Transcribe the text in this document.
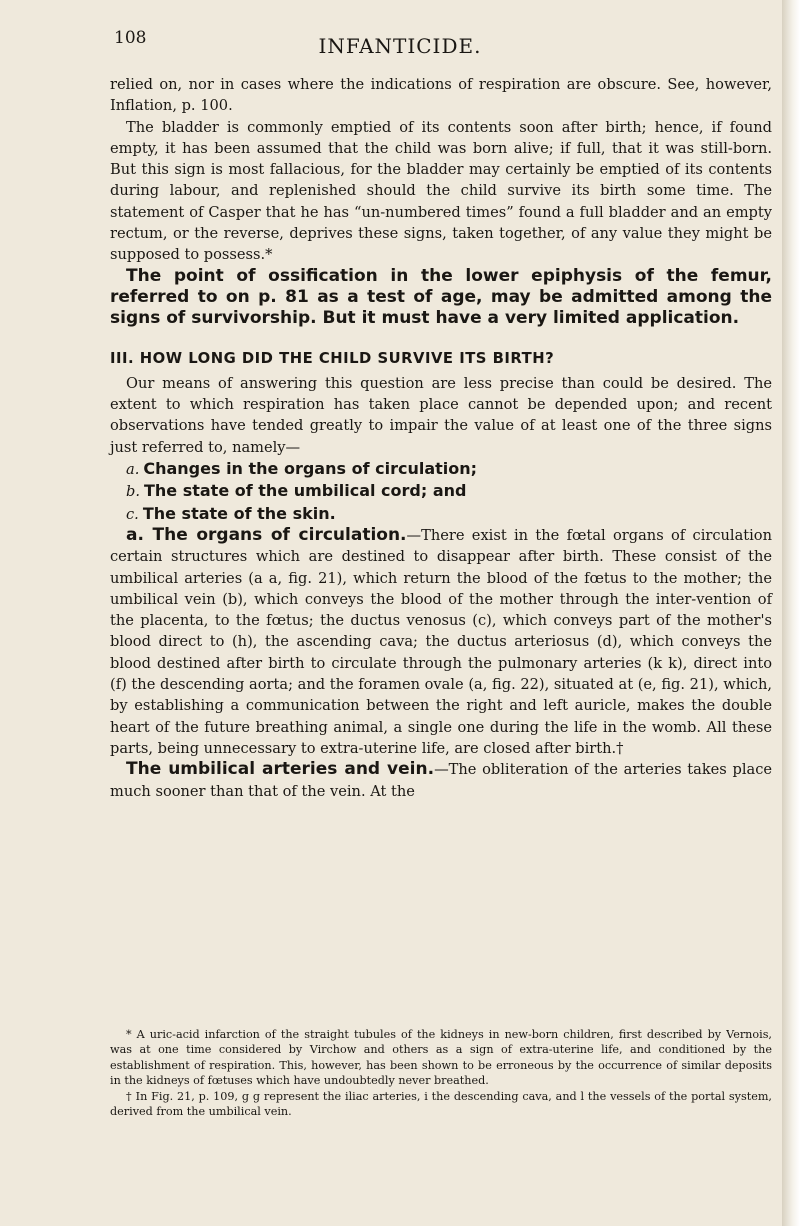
108	INFANTICIDE.

relied on, nor in cases where the indications of respiration are obscure. See, however, Inflation, p. 100.

The bladder is commonly emptied of its contents soon after birth; hence, if found empty, it has been assumed that the child was born alive; if full, that it was still-born. But this sign is most fallacious, for the bladder may certainly be emptied of its contents during labour, and replenished should the child survive its birth some time. The statement of Casper that he has “un-numbered times” found a full bladder and an empty rectum, or the reverse, deprives these signs, taken together, of any value they might be supposed to possess.*

The point of ossification in the lower epiphysis of the femur, referred to on p. 81 as a test of age, may be admitted among the signs of survivorship. But it must have a very limited application.

III. HOW LONG DID THE CHILD SURVIVE ITS BIRTH?

Our means of answering this question are less precise than could be desired. The extent to which respiration has taken place cannot be depended upon; and recent observations have tended greatly to impair the value of at least one of the three signs just referred to, namely—

a. Changes in the organs of circulation;
b. The state of the umbilical cord; and
c. The state of the skin.

a. The organs of circulation.—There exist in the fœtal organs of circulation certain structures which are destined to disappear after birth. These consist of the umbilical arteries (a a, fig. 21), which return the blood of the fœtus to the mother; the umbilical vein (b), which conveys the blood of the mother through the inter-vention of the placenta, to the fœtus; the ductus venosus (c), which conveys part of the mother's blood direct to (h), the ascending cava; the ductus arteriosus (d), which conveys the blood destined after birth to circulate through the pulmonary arteries (k k), direct into (f) the descending aorta; and the foramen ovale (a, fig. 22), situated at (e, fig. 21), which, by establishing a communication between the right and left auricle, makes the double heart of the future breathing animal, a single one during the life in the womb. All these parts, being unnecessary to extra-uterine life, are closed after birth.†

The umbilical arteries and vein.—The obliteration of the arteries takes place much sooner than that of the vein. At the

* A uric-acid infarction of the straight tubules of the kidneys in new-born children, first described by Vernois, was at one time considered by Virchow and others as a sign of extra-uterine life, and conditioned by the establishment of respiration. This, however, has been shown to be erroneous by the occurrence of similar deposits in the kidneys of fœtuses which have undoubtedly never breathed.

† In Fig. 21, p. 109, g g represent the iliac arteries, i the descending cava, and l the vessels of the portal system, derived from the umbilical vein.
